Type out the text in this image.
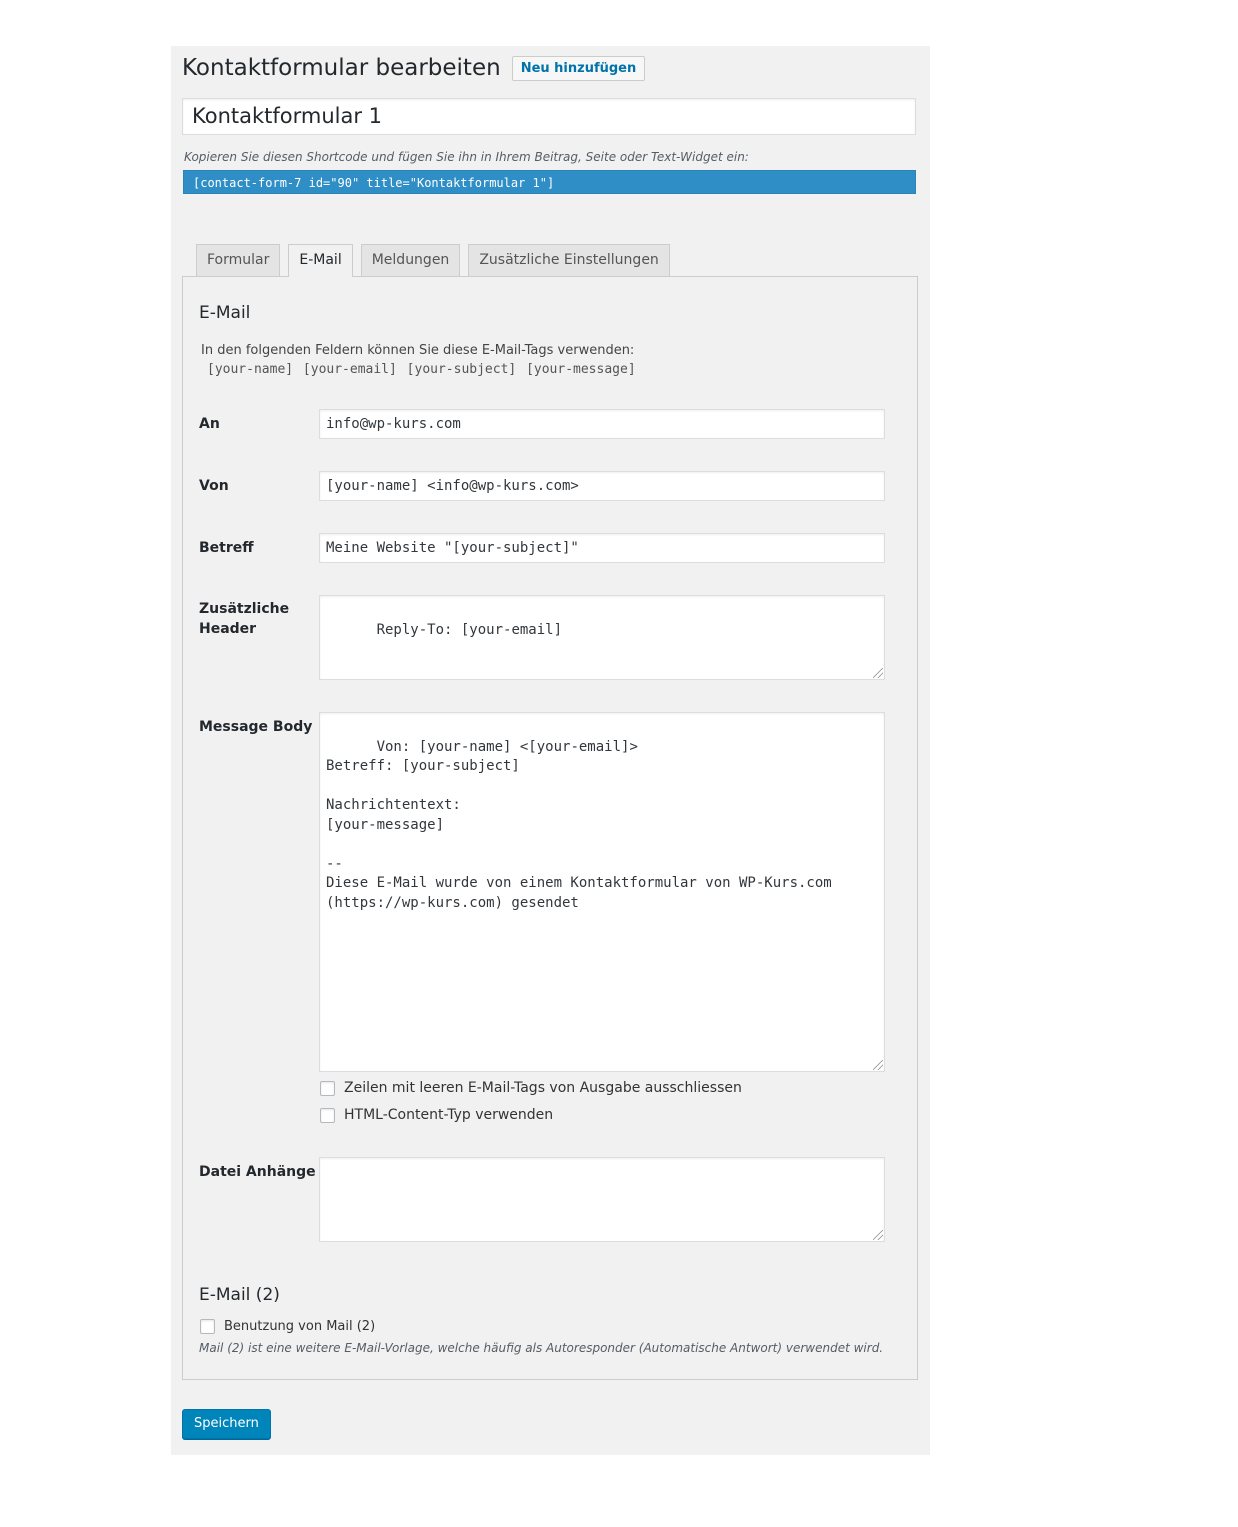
Kontaktformular bearbeiten	Neu hinzufügen
Kontaktformular 1
Kopieren Sie diesen Shortcode und fügen Sie ihn in Ihrem Beitrag, Seite oder Text-Widget ein:
[contact-form-7 id="90" title="Kontaktformular 1"]
Formular	E-Mail	Meldungen	Zusätzliche Einstellungen
E-Mail
In den folgenden Feldern können Sie diese E-Mail-Tags verwenden:
[your-name] [your-email] [your-subject] [your-message]
An	info@wp-kurs.com
Von	[your-name] <info@wp-kurs.com>
Betreff	Meine Website "[your-subject]"
Zusätzliche Header	Reply-To: [your-email]

Message Body

Von: [your-name] <[your-email]>
Betreff: [your-subject]

Nachrichtentext:
[your-message]

--
Diese E-Mail wurde von einem Kontaktformular von WP-Kurs.com
(https://wp-kurs.com) gesendet

Zeilen mit leeren E-Mail-Tags von Ausgabe ausschliessen
HTML-Content-Typ verwenden
Datei Anhänge

E-Mail (2)
Benutzung von Mail (2)
Mail (2) ist eine weitere E-Mail-Vorlage, welche häufig als Autoresponder (Automatische Antwort) verwendet wird.
Speichern
